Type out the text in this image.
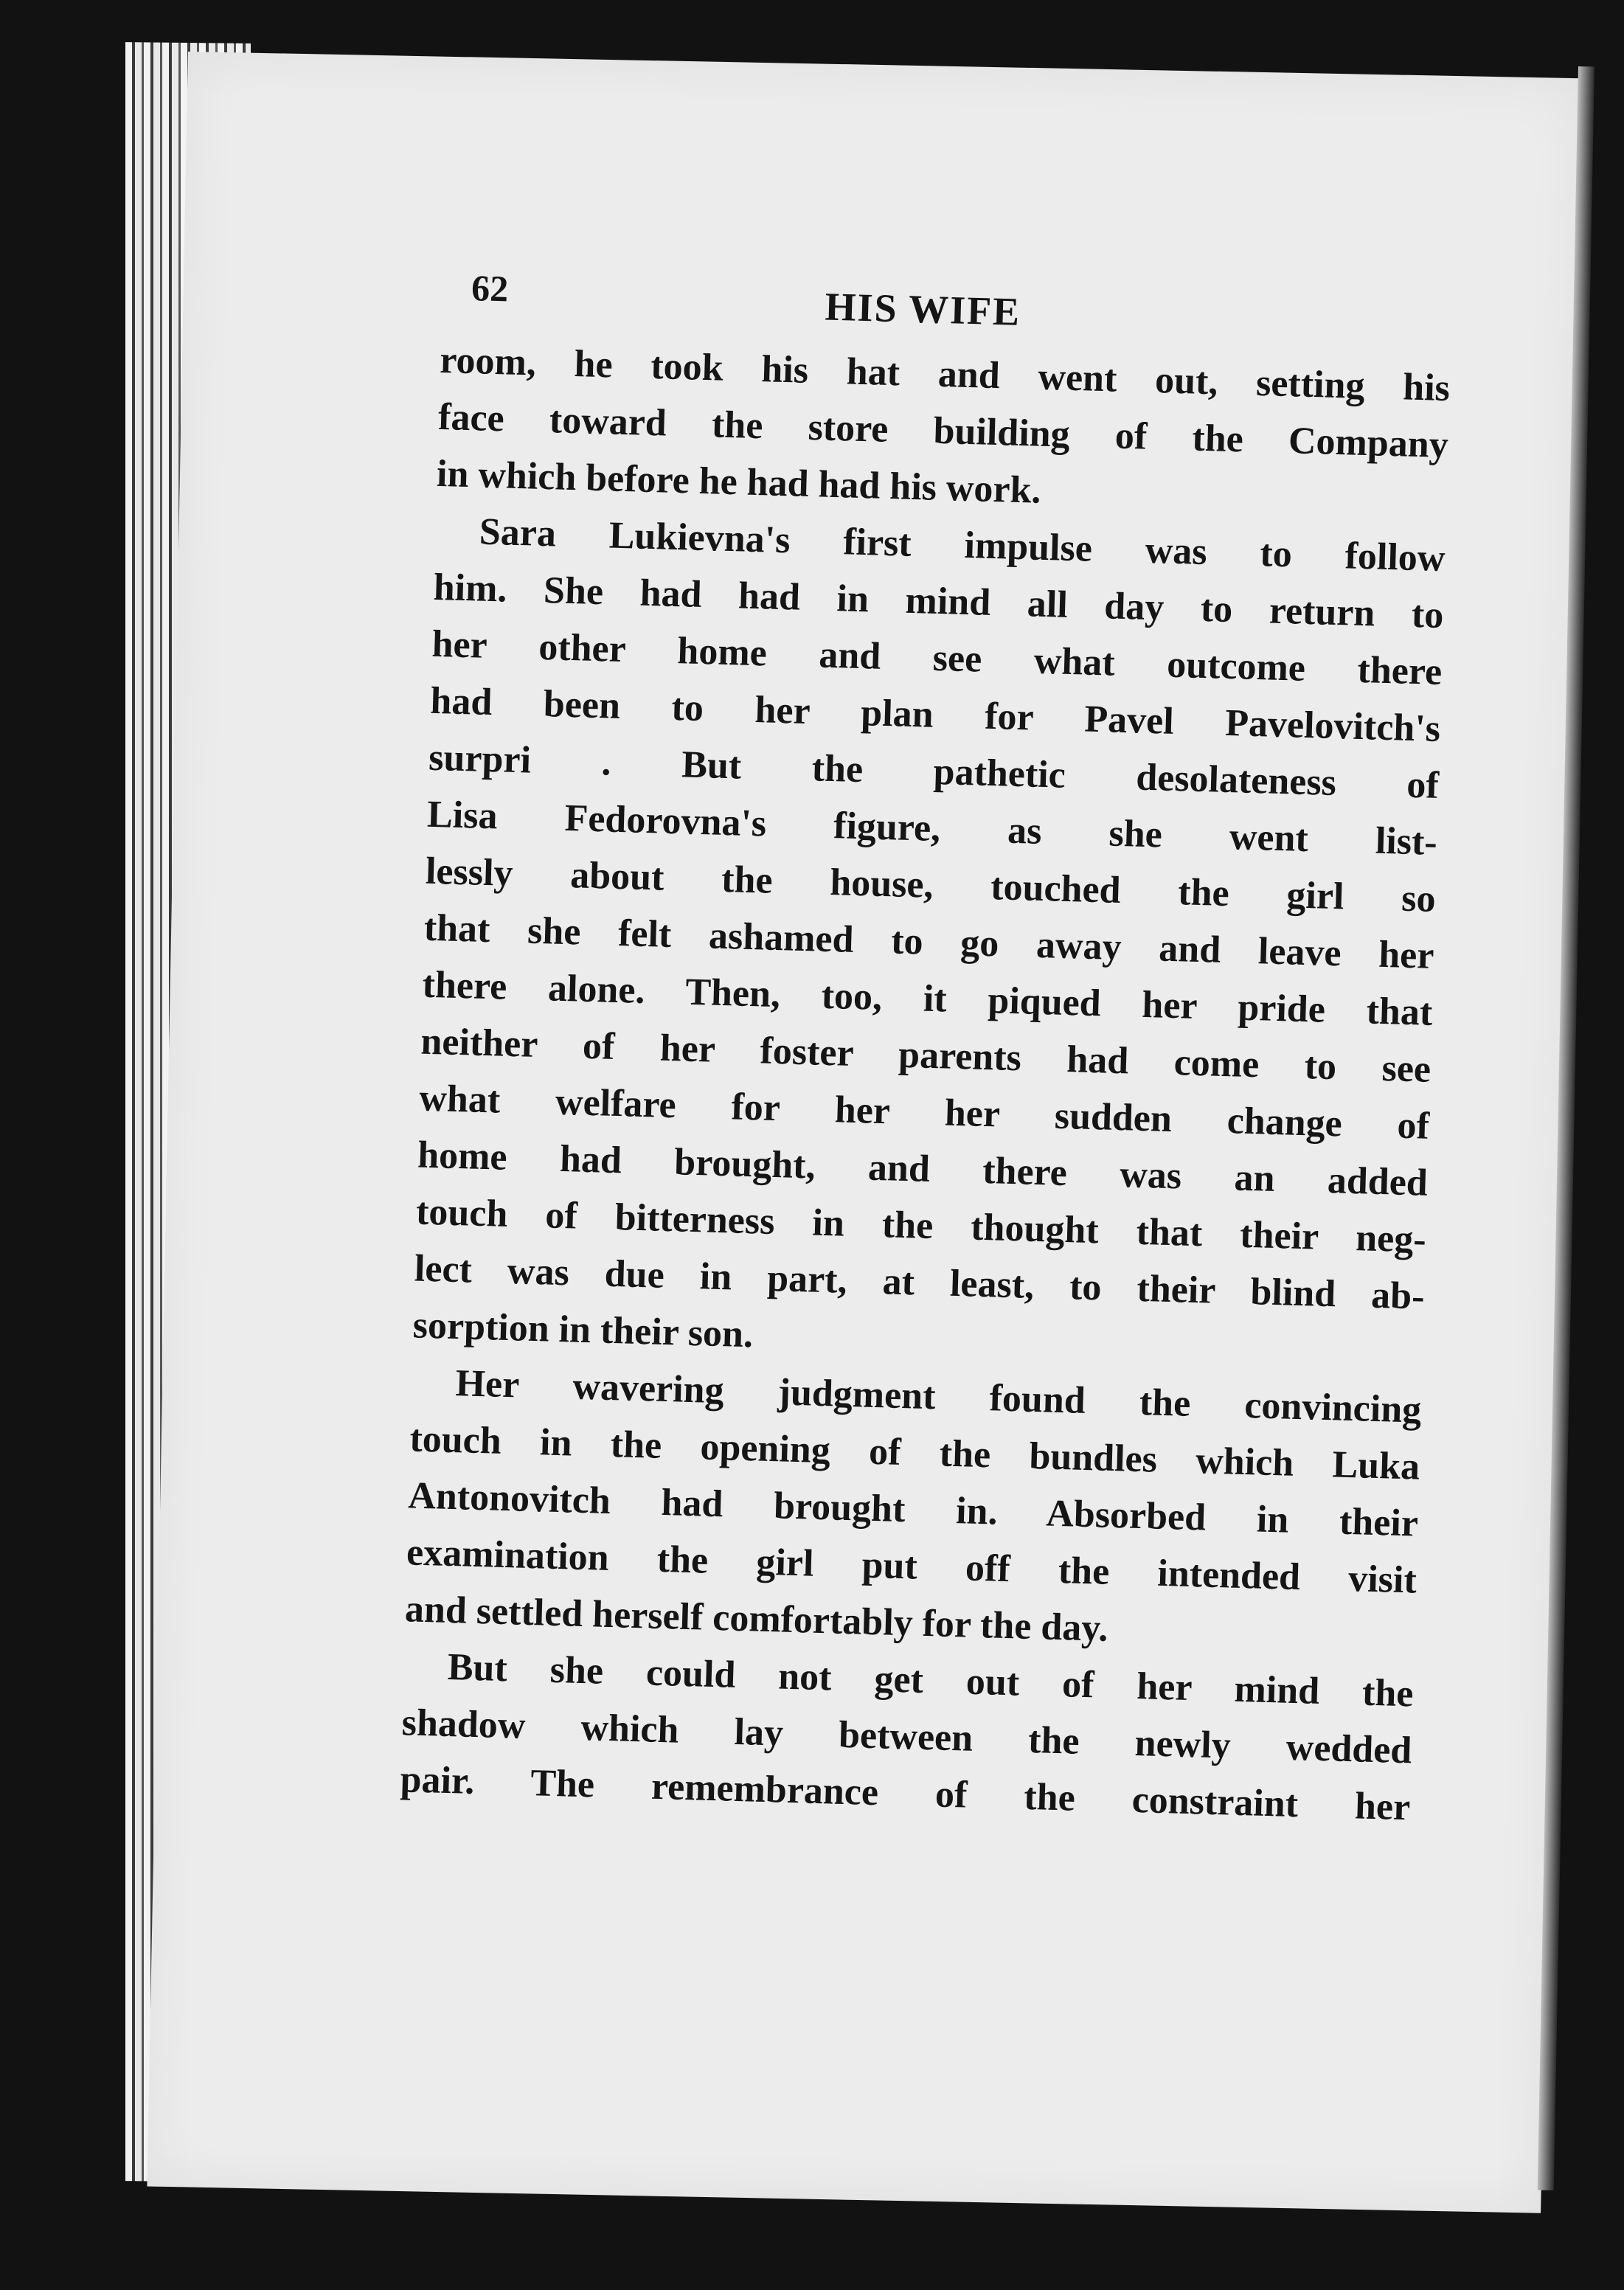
62	HIS WIFE
room, he took his hat and went out, setting his
face toward the store building of the Company
in which before he had had his work.
Sara Lukievna's first impulse was to follow
him. She had had in mind all day to return to
her other home and see what outcome there
had been to her plan for Pavel Pavelovitch's
surpri . But the pathetic desolateness of
Lisa Fedorovna's figure, as she went list-
lessly about the house, touched the girl so
that she felt ashamed to go away and leave her
there alone. Then, too, it piqued her pride that
neither of her foster parents had come to see
what welfare for her her sudden change of
home had brought, and there was an added
touch of bitterness in the thought that their neg-
lect was due in part, at least, to their blind ab-
sorption in their son.
Her wavering judgment found the convincing
touch in the opening of the bundles which Luka
Antonovitch had brought in. Absorbed in their
examination the girl put off the intended visit
and settled herself comfortably for the day.
But she could not get out of her mind the
shadow which lay between the newly wedded
pair. The remembrance of the constraint her
